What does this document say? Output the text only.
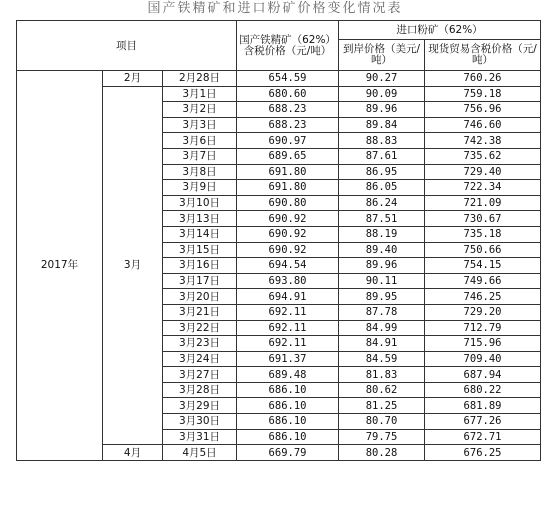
国产铁精矿和进口粉矿价格变化情况表
项目			国产铁精矿（62%）含税价格（元/吨）	进口粉矿（62%）	
				到岸价格（美元/吨）	现货贸易含税价格（元/吨）
2017年	2月	2月28日	654.59	90.27	760.26
	3月	3月1日	680.60	90.09	759.18
		3月2日	688.23	89.96	756.96
		3月3日	688.23	89.84	746.60
		3月6日	690.97	88.83	742.38
		3月7日	689.65	87.61	735.62
		3月8日	691.80	86.95	729.40
		3月9日	691.80	86.05	722.34
		3月10日	690.80	86.24	721.09
		3月13日	690.92	87.51	730.67
		3月14日	690.92	88.19	735.18
		3月15日	690.92	89.40	750.66
		3月16日	694.54	89.96	754.15
		3月17日	693.80	90.11	749.66
		3月20日	694.91	89.95	746.25
		3月21日	692.11	87.78	729.20
		3月22日	692.11	84.99	712.79
		3月23日	692.11	84.91	715.96
		3月24日	691.37	84.59	709.40
		3月27日	689.48	81.83	687.94
		3月28日	686.10	80.62	680.22
		3月29日	686.10	81.25	681.89
		3月30日	686.10	80.70	677.26
		3月31日	686.10	79.75	672.71
	4月	4月5日	669.79	80.28	676.25
